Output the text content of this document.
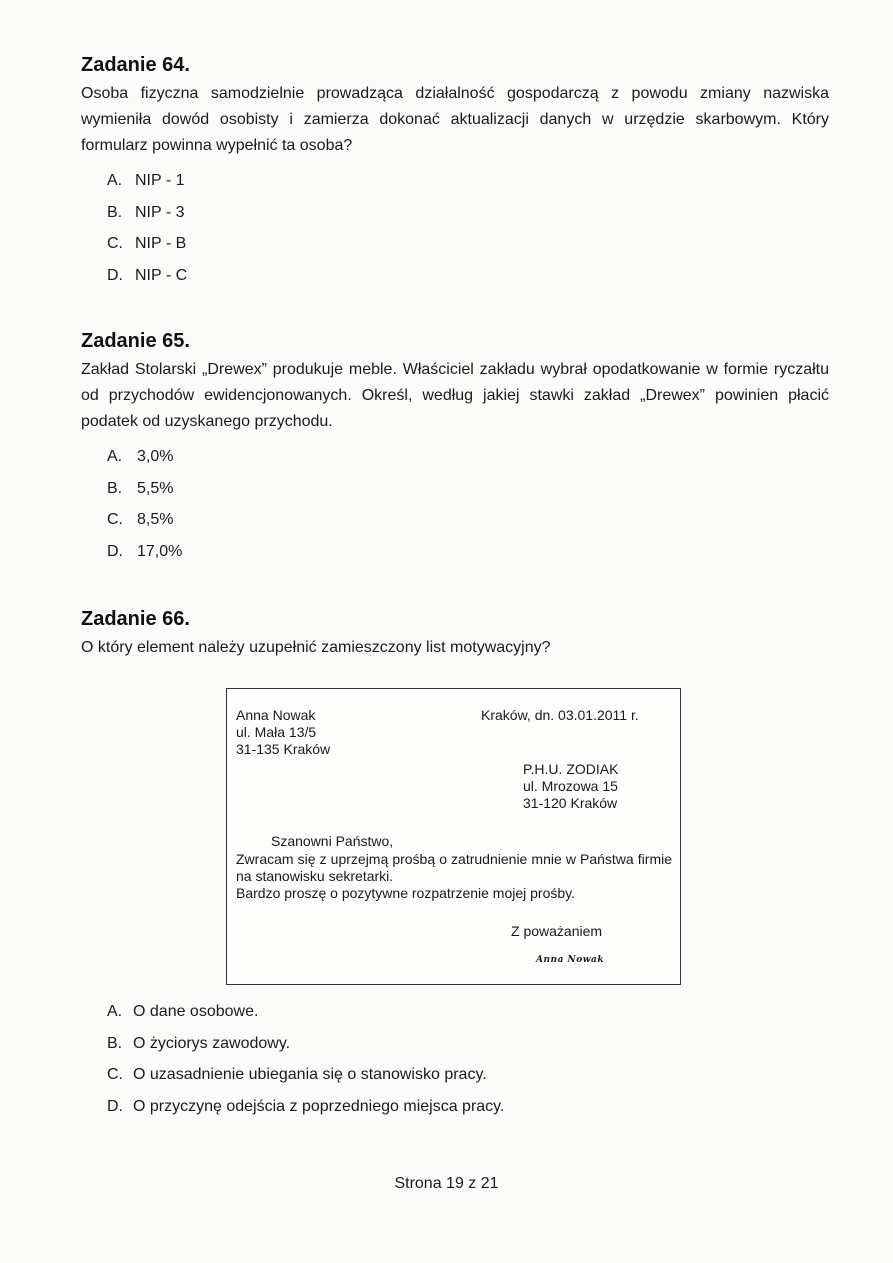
Zadanie 64.

Osoba fizyczna samodzielnie prowadząca działalność gospodarczą z powodu zmiany nazwiska wymieniła dowód osobisty i zamierza dokonać aktualizacji danych w urzędzie skarbowym. Który formularz powinna wypełnić ta osoba?

A. NIP - 1
B. NIP - 3
C. NIP - B
D. NIP - C
Zadanie 65.

Zakład Stolarski „Drewex” produkuje meble. Właściciel zakładu wybrał opodatkowanie w formie ryczałtu od przychodów ewidencjonowanych. Określ, według jakiej stawki zakład „Drewex” powinien płacić podatek od uzyskanego przychodu.

A. 3,0%
B. 5,5%
C. 8,5%
D. 17,0%
Zadanie 66.

O który element należy uzupełnić zamieszczony list motywacyjny?

Anna Nowak
ul. Mała 13/5
31-135 Kraków
Kraków, dn. 03.01.2011 r.
P.H.U. ZODIAK
ul. Mrozowa 15
31-120 Kraków
Szanowni Państwo,
Zwracam się z uprzejmą prośbą o zatrudnienie mnie w Państwa firmie na stanowisku sekretarki.
Bardzo proszę o pozytywne rozpatrzenie mojej prośby.
Z poważaniem
Anna Nowak
A. O dane osobowe.
B. O życiorys zawodowy.
C. O uzasadnienie ubiegania się o stanowisko pracy.
D. O przyczynę odejścia z poprzedniego miejsca pracy.
Strona 19 z 21
